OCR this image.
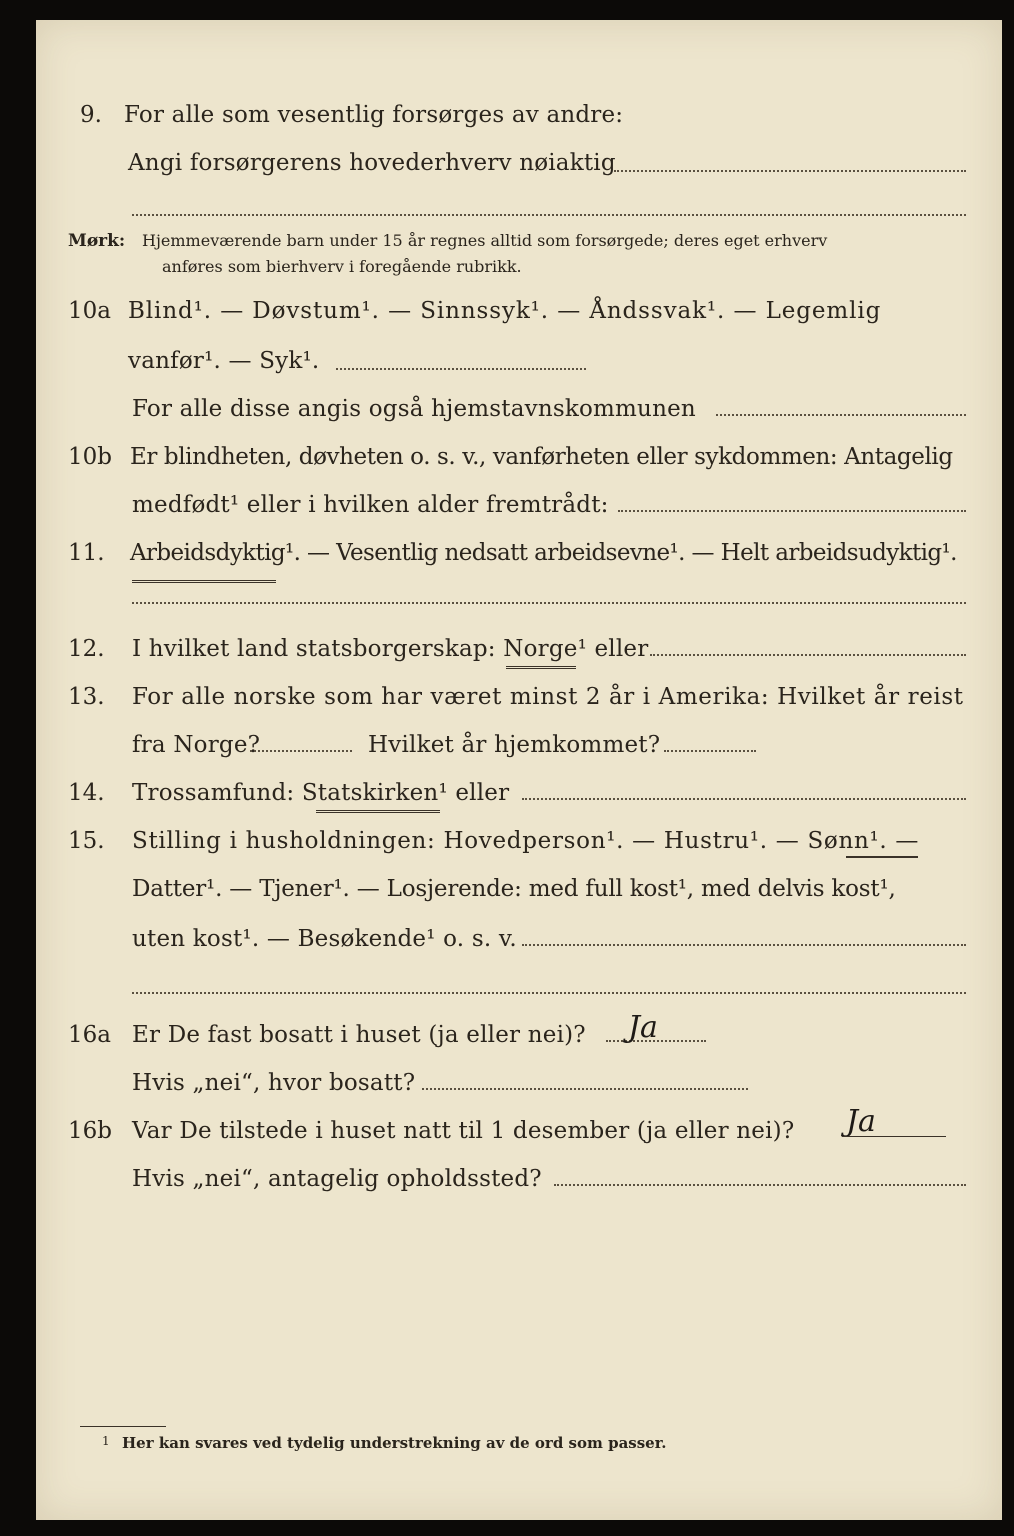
9. For alle som vesentlig forsørges av andre:
Angi forsørgerens hovederhverv nøiaktig
Mørk: Hjemmeværende barn under 15 år regnes alltid som forsørgede; deres eget erhverv
anføres som bierhverv i foregående rubrikk.
10a Blind¹. — Døvstum¹. — Sinnssyk¹. — Åndssvak¹. — Legemlig
vanfør¹. — Syk¹.
For alle disse angis også hjemstavnskommunen
10b Er blindheten, døvheten o. s. v., vanførheten eller sykdommen: Antagelig
medfødt¹ eller i hvilken alder fremtrådt:
11. Arbeidsdyktig¹. — Vesentlig nedsatt arbeidsevne¹. — Helt arbeidsudyktig¹.
12. I hvilket land statsborgerskap: Norge¹ eller
13. For alle norske som har været minst 2 år i Amerika: Hvilket år reist
fra Norge?	Hvilket år hjemkommet?
14. Trossamfund: Statskirken¹ eller
15. Stilling i husholdningen: Hovedperson¹. — Hustru¹. — Sønn¹. —
Datter¹. — Tjener¹. — Losjerende: med full kost¹, med delvis kost¹,
uten kost¹. — Besøkende¹ o. s. v.
16a Er De fast bosatt i huset (ja eller nei)? Ja
Hvis „nei“, hvor bosatt?
16b Var De tilstede i huset natt til 1 desember (ja eller nei)? Ja
Hvis „nei“, antagelig opholdssted?
1 Her kan svares ved tydelig understrekning av de ord som passer.
